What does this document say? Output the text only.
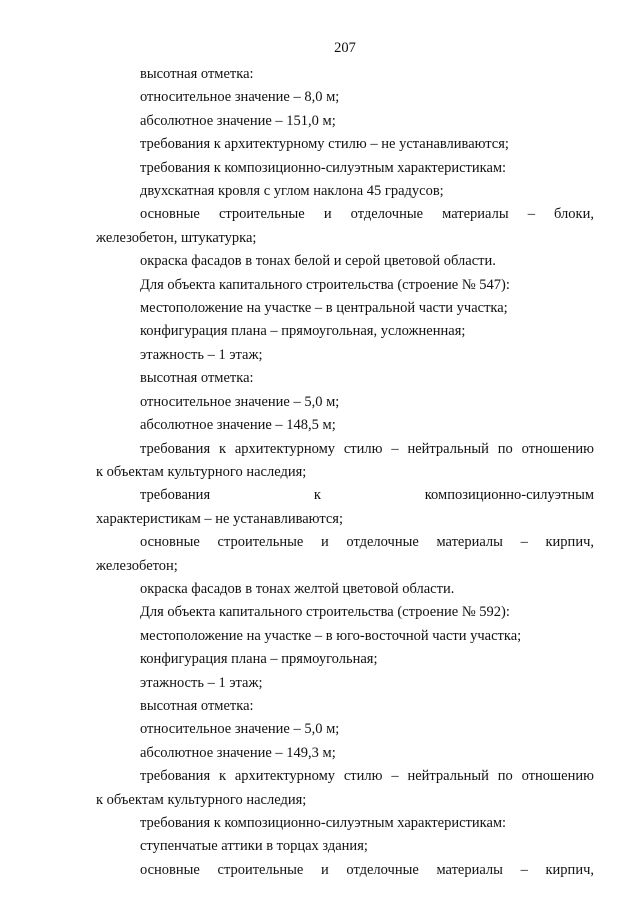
207

высотная отметка:

относительное значение – 8,0 м;

абсолютное значение – 151,0 м;

требования к архитектурному стилю – не устанавливаются;

требования к композиционно-силуэтным характеристикам:

двухскатная кровля с углом наклона 45 градусов;

основные строительные и отделочные материалы – блоки,

железобетон, штукатурка;

окраска фасадов в тонах белой и серой цветовой области.

Для объекта капитального строительства (строение № 547):

местоположение на участке – в центральной части участка;

конфигурация плана – прямоугольная, усложненная;

этажность – 1 этаж;

высотная отметка:

относительное значение – 5,0 м;

абсолютное значение – 148,5 м;

требования к архитектурному стилю – нейтральный по отношению

к объектам культурного наследия;

требования	к	композиционно-силуэтным

характеристикам – не устанавливаются;

основные строительные и отделочные материалы – кирпич,

железобетон;

окраска фасадов в тонах желтой цветовой области.

Для объекта капитального строительства (строение № 592):

местоположение на участке – в юго-восточной части участка;

конфигурация плана – прямоугольная;

этажность – 1 этаж;

высотная отметка:

относительное значение – 5,0 м;

абсолютное значение – 149,3 м;

требования к архитектурному стилю – нейтральный по отношению

к объектам культурного наследия;

требования к композиционно-силуэтным характеристикам:

ступенчатые аттики в торцах здания;

основные строительные и отделочные материалы – кирпич,
